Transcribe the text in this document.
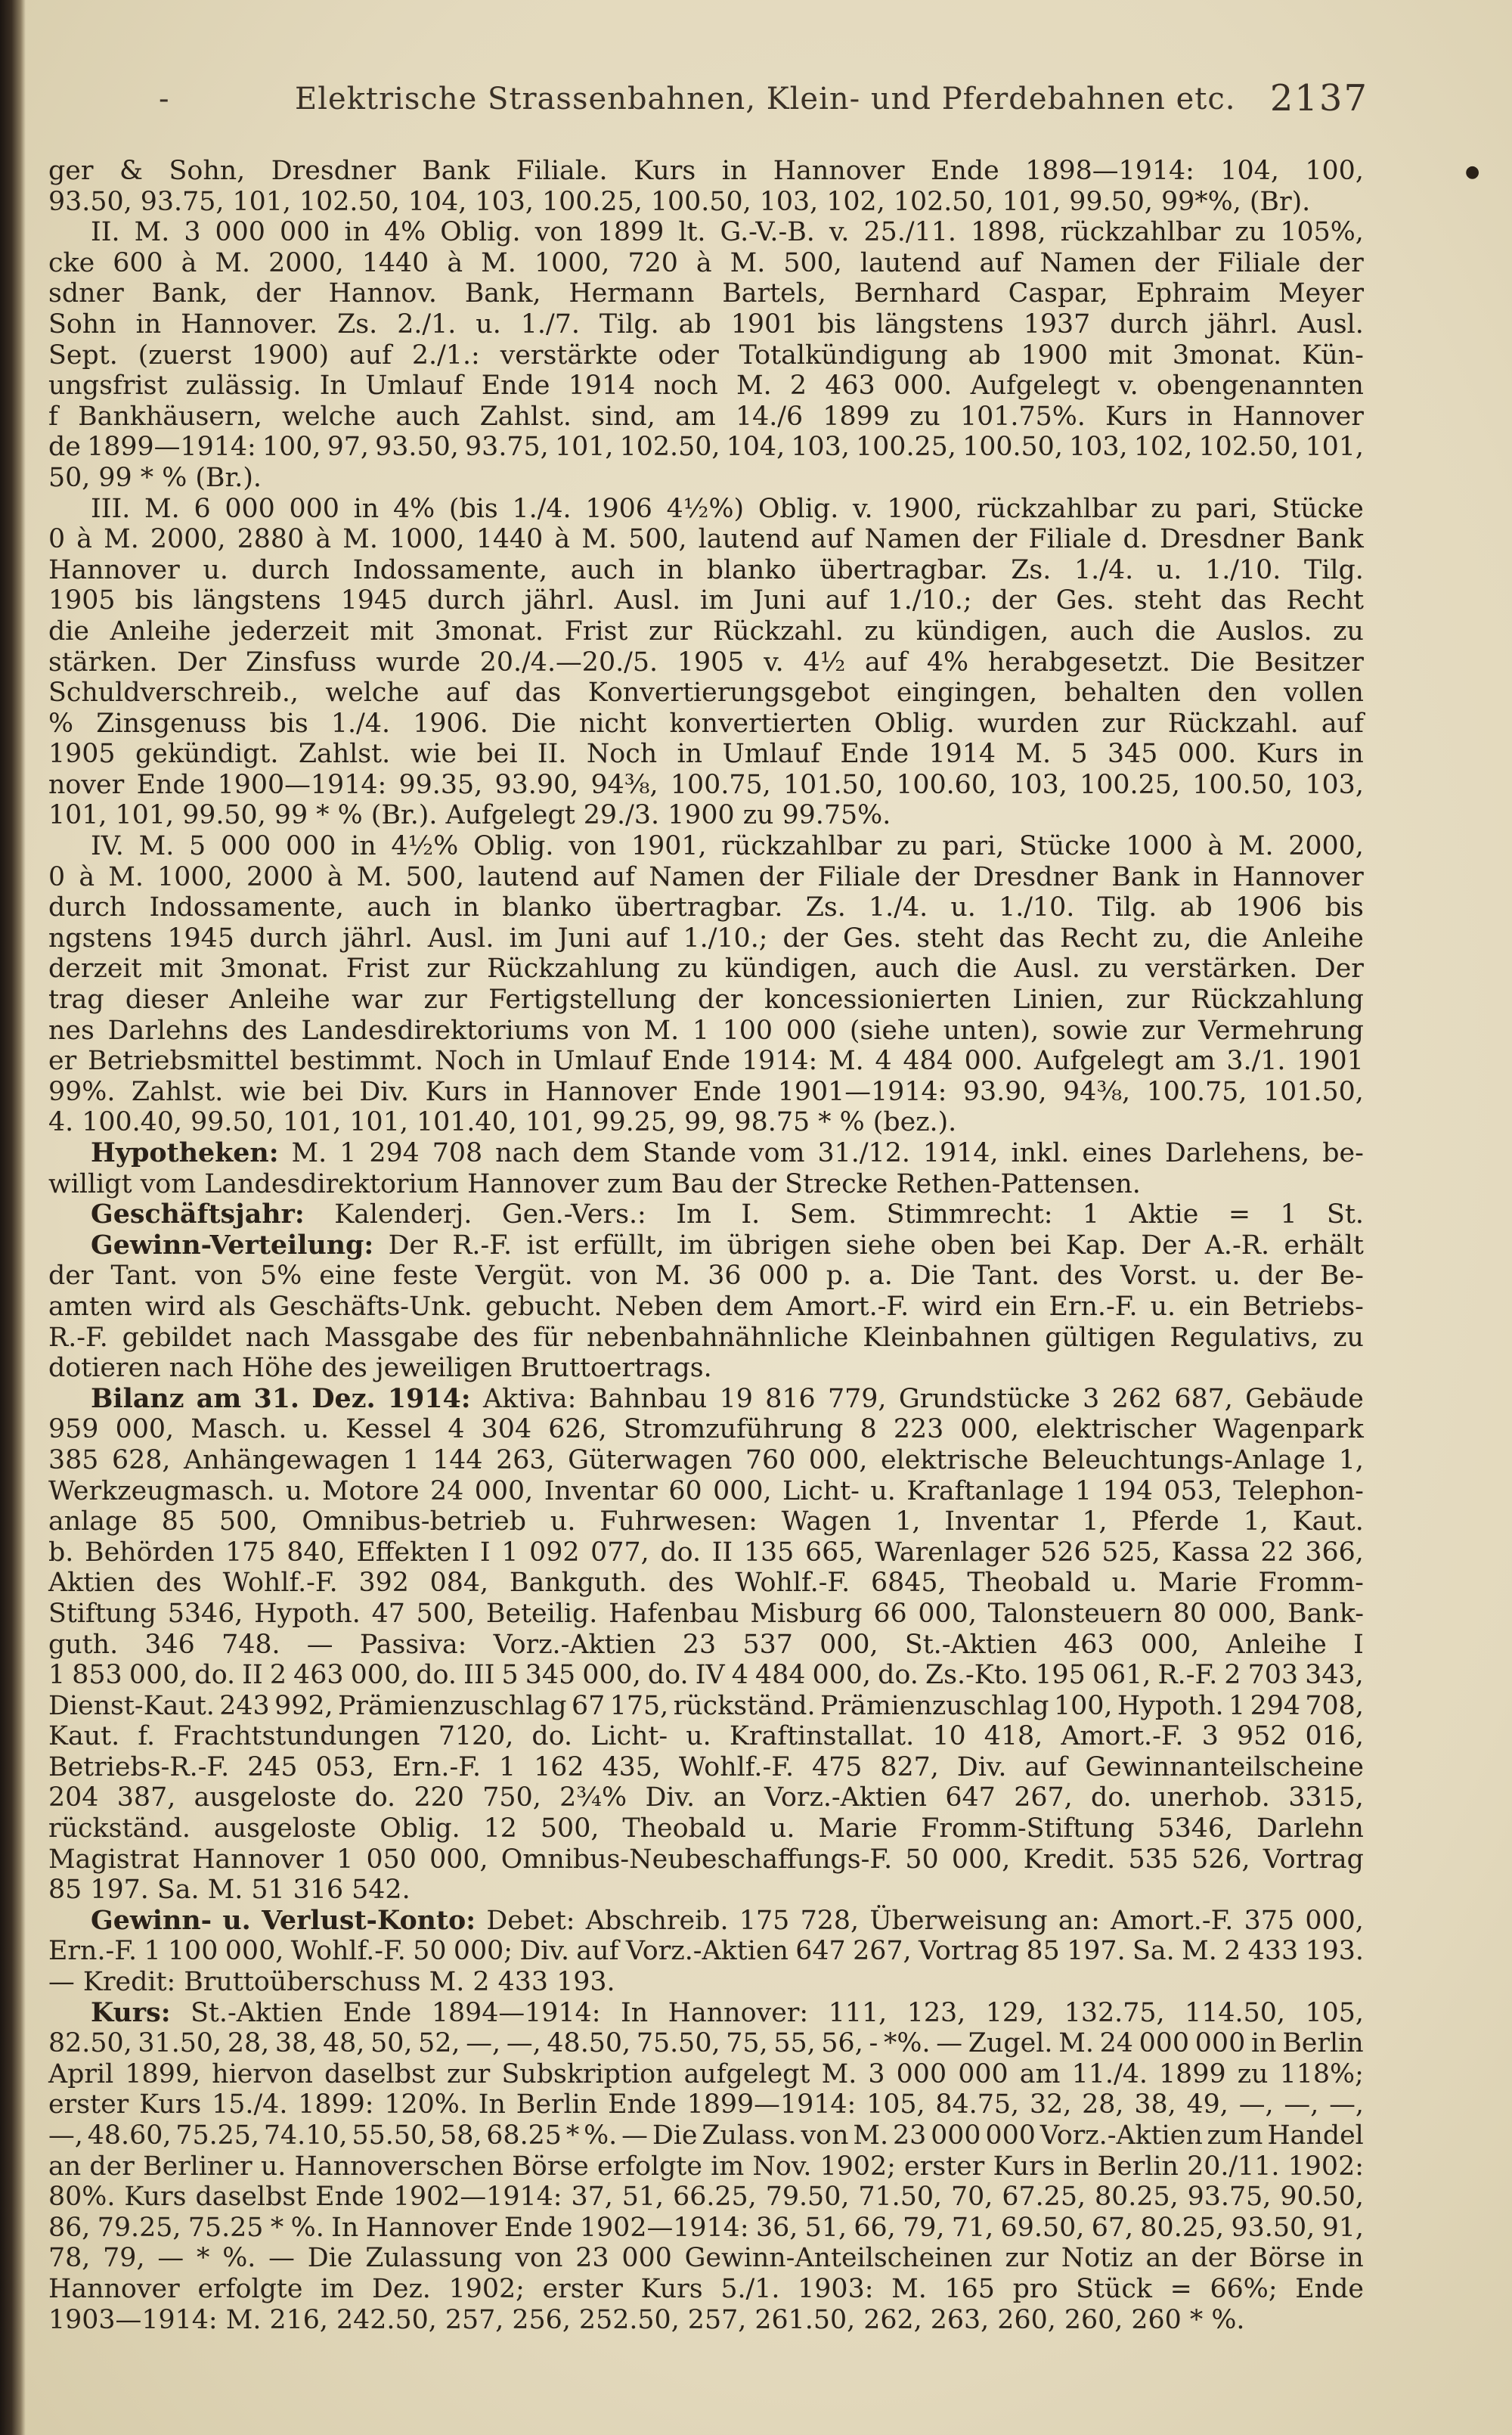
-	Elektrische Strassenbahnen, Klein- und Pferdebahnen etc. 2137
●
ger & Sohn, Dresdner Bank Filiale. Kurs in Hannover Ende 1898—1914: 104, 100,
93.50, 93.75, 101, 102.50, 104, 103, 100.25, 100.50, 103, 102, 102.50, 101, 99.50, 99*%, (Br).
II. M. 3 000 000 in 4% Oblig. von 1899 lt. G.-V.-B. v. 25./11. 1898, rückzahlbar zu 105%,
cke 600 à M. 2000, 1440 à M. 1000, 720 à M. 500, lautend auf Namen der Filiale der
sdner Bank, der Hannov. Bank, Hermann Bartels, Bernhard Caspar, Ephraim Meyer
Sohn in Hannover. Zs. 2./1. u. 1./7. Tilg. ab 1901 bis längstens 1937 durch jährl. Ausl.
Sept. (zuerst 1900) auf 2./1.: verstärkte oder Totalkündigung ab 1900 mit 3monat. Kün-
ungsfrist zulässig. In Umlauf Ende 1914 noch M. 2 463 000. Aufgelegt v. obengenannten
f Bankhäusern, welche auch Zahlst. sind, am 14./6 1899 zu 101.75%. Kurs in Hannover
de 1899—1914: 100, 97, 93.50, 93.75, 101, 102.50, 104, 103, 100.25, 100.50, 103, 102, 102.50, 101,
50, 99 * % (Br.).
III. M. 6 000 000 in 4% (bis 1./4. 1906 4½%) Oblig. v. 1900, rückzahlbar zu pari, Stücke
0 à M. 2000, 2880 à M. 1000, 1440 à M. 500, lautend auf Namen der Filiale d. Dresdner Bank
Hannover u. durch Indossamente, auch in blanko übertragbar. Zs. 1./4. u. 1./10. Tilg.
1905 bis längstens 1945 durch jährl. Ausl. im Juni auf 1./10.; der Ges. steht das Recht
die Anleihe jederzeit mit 3monat. Frist zur Rückzahl. zu kündigen, auch die Auslos. zu
stärken. Der Zinsfuss wurde 20./4.—20./5. 1905 v. 4½ auf 4% herabgesetzt. Die Besitzer
Schuldverschreib., welche auf das Konvertierungsgebot eingingen, behalten den vollen
% Zinsgenuss bis 1./4. 1906. Die nicht konvertierten Oblig. wurden zur Rückzahl. auf
1905 gekündigt. Zahlst. wie bei II. Noch in Umlauf Ende 1914 M. 5 345 000. Kurs in
nover Ende 1900—1914: 99.35, 93.90, 94⅜, 100.75, 101.50, 100.60, 103, 100.25, 100.50, 103,
101, 101, 99.50, 99 * % (Br.). Aufgelegt 29./3. 1900 zu 99.75%.
IV. M. 5 000 000 in 4½% Oblig. von 1901, rückzahlbar zu pari, Stücke 1000 à M. 2000,
0 à M. 1000, 2000 à M. 500, lautend auf Namen der Filiale der Dresdner Bank in Hannover
durch Indossamente, auch in blanko übertragbar. Zs. 1./4. u. 1./10. Tilg. ab 1906 bis
ngstens 1945 durch jährl. Ausl. im Juni auf 1./10.; der Ges. steht das Recht zu, die Anleihe
derzeit mit 3monat. Frist zur Rückzahlung zu kündigen, auch die Ausl. zu verstärken. Der
trag dieser Anleihe war zur Fertigstellung der koncessionierten Linien, zur Rückzahlung
nes Darlehns des Landesdirektoriums von M. 1 100 000 (siehe unten), sowie zur Vermehrung
er Betriebsmittel bestimmt. Noch in Umlauf Ende 1914: M. 4 484 000. Aufgelegt am 3./1. 1901
99%. Zahlst. wie bei Div. Kurs in Hannover Ende 1901—1914: 93.90, 94⅜, 100.75, 101.50,
4. 100.40, 99.50, 101, 101, 101.40, 101, 99.25, 99, 98.75 * % (bez.).
Hypotheken: M. 1 294 708 nach dem Stande vom 31./12. 1914, inkl. eines Darlehens, be-
willigt vom Landesdirektorium Hannover zum Bau der Strecke Rethen-Pattensen.
Geschäftsjahr: Kalenderj. Gen.-Vers.: Im I. Sem. Stimmrecht: 1 Aktie = 1 St.
Gewinn-Verteilung: Der R.-F. ist erfüllt, im übrigen siehe oben bei Kap. Der A.-R. erhält
der Tant. von 5% eine feste Vergüt. von M. 36 000 p. a. Die Tant. des Vorst. u. der Be-
amten wird als Geschäfts-Unk. gebucht. Neben dem Amort.-F. wird ein Ern.-F. u. ein Betriebs-
R.-F. gebildet nach Massgabe des für nebenbahnähnliche Kleinbahnen gültigen Regulativs, zu
dotieren nach Höhe des jeweiligen Bruttoertrags.
Bilanz am 31. Dez. 1914: Aktiva: Bahnbau 19 816 779, Grundstücke 3 262 687, Gebäude
959 000, Masch. u. Kessel 4 304 626, Stromzuführung 8 223 000, elektrischer Wagenpark
385 628, Anhängewagen 1 144 263, Güterwagen 760 000, elektrische Beleuchtungs-Anlage 1,
Werkzeugmasch. u. Motore 24 000, Inventar 60 000, Licht- u. Kraftanlage 1 194 053, Telephon-
anlage 85 500, Omnibus-betrieb u. Fuhrwesen: Wagen 1, Inventar 1, Pferde 1, Kaut.
b. Behörden 175 840, Effekten I 1 092 077, do. II 135 665, Warenlager 526 525, Kassa 22 366,
Aktien des Wohlf.-F. 392 084, Bankguth. des Wohlf.-F. 6845, Theobald u. Marie Fromm-
Stiftung 5346, Hypoth. 47 500, Beteilig. Hafenbau Misburg 66 000, Talonsteuern 80 000, Bank-
guth. 346 748. — Passiva: Vorz.-Aktien 23 537 000, St.-Aktien 463 000, Anleihe I
1 853 000, do. II 2 463 000, do. III 5 345 000, do. IV 4 484 000, do. Zs.-Kto. 195 061, R.-F. 2 703 343,
Dienst-Kaut. 243 992, Prämienzuschlag 67 175, rückständ. Prämienzuschlag 100, Hypoth. 1 294 708,
Kaut. f. Frachtstundungen 7120, do. Licht- u. Kraftinstallat. 10 418, Amort.-F. 3 952 016,
Betriebs-R.-F. 245 053, Ern.-F. 1 162 435, Wohlf.-F. 475 827, Div. auf Gewinnanteilscheine
204 387, ausgeloste do. 220 750, 2¾% Div. an Vorz.-Aktien 647 267, do. unerhob. 3315,
rückständ. ausgeloste Oblig. 12 500, Theobald u. Marie Fromm-Stiftung 5346, Darlehn
Magistrat Hannover 1 050 000, Omnibus-Neubeschaffungs-F. 50 000, Kredit. 535 526, Vortrag
85 197. Sa. M. 51 316 542.
Gewinn- u. Verlust-Konto: Debet: Abschreib. 175 728, Überweisung an: Amort.-F. 375 000,
Ern.-F. 1 100 000, Wohlf.-F. 50 000; Div. auf Vorz.-Aktien 647 267, Vortrag 85 197. Sa. M. 2 433 193.
— Kredit: Bruttoüberschuss M. 2 433 193.
Kurs: St.-Aktien Ende 1894—1914: In Hannover: 111, 123, 129, 132.75, 114.50, 105,
82.50, 31.50, 28, 38, 48, 50, 52, —, —, 48.50, 75.50, 75, 55, 56, - *%. — Zugel. M. 24 000 000 in Berlin
April 1899, hiervon daselbst zur Subskription aufgelegt M. 3 000 000 am 11./4. 1899 zu 118%;
erster Kurs 15./4. 1899: 120%. In Berlin Ende 1899—1914: 105, 84.75, 32, 28, 38, 49, —, —, —,
—, 48.60, 75.25, 74.10, 55.50, 58, 68.25 * %. — Die Zulass. von M. 23 000 000 Vorz.-Aktien zum Handel
an der Berliner u. Hannoverschen Börse erfolgte im Nov. 1902; erster Kurs in Berlin 20./11. 1902:
80%. Kurs daselbst Ende 1902—1914: 37, 51, 66.25, 79.50, 71.50, 70, 67.25, 80.25, 93.75, 90.50,
86, 79.25, 75.25 * %. In Hannover Ende 1902—1914: 36, 51, 66, 79, 71, 69.50, 67, 80.25, 93.50, 91,
78, 79, — * %. — Die Zulassung von 23 000 Gewinn-Anteilscheinen zur Notiz an der Börse in
Hannover erfolgte im Dez. 1902; erster Kurs 5./1. 1903: M. 165 pro Stück = 66%; Ende
1903—1914: M. 216, 242.50, 257, 256, 252.50, 257, 261.50, 262, 263, 260, 260, 260 * %.
